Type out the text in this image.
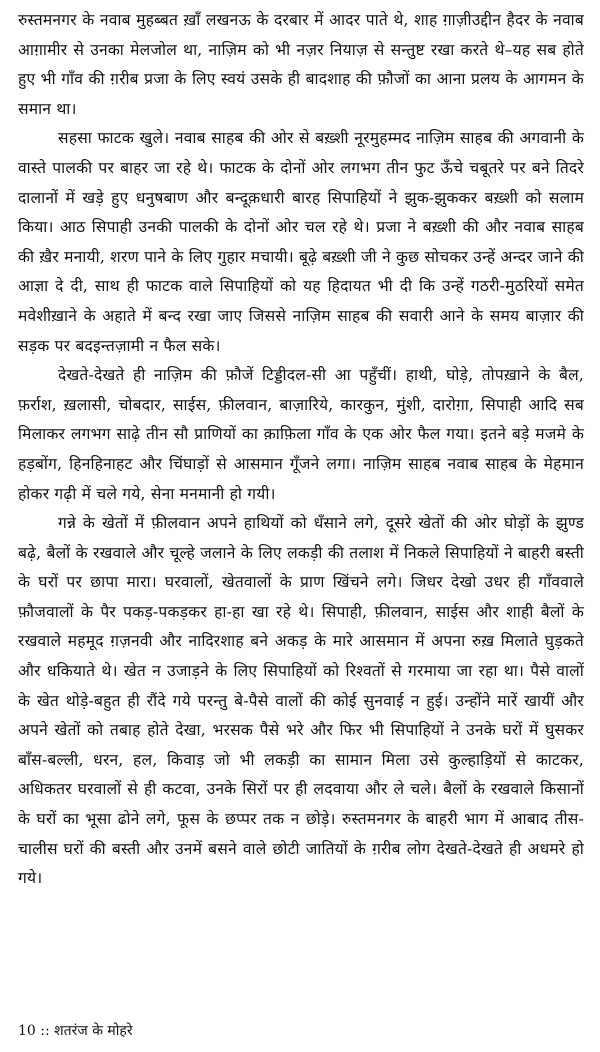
रुस्तमनगर के नवाब मुहब्बत ख़ाँ लखनऊ के दरबार में आदर पाते थे, शाह ग़ाज़ीउद्दीन हैदर के नवाब आग़ामीर से उनका मेलजोल था, नाज़िम को भी नज़र नियाज़ से सन्तुष्ट रखा करते थे–यह सब होते हुए भी गाँव की ग़रीब प्रजा के लिए स्वयं उसके ही बादशाह की फ़ौजों का आना प्रलय के आगमन के समान था।

सहसा फाटक खुले। नवाब साहब की ओर से बख़्शी नूरमुहम्मद नाज़िम साहब की अगवानी के वास्ते पालकी पर बाहर जा रहे थे। फाटक के दोनों ओर लगभग तीन फुट ऊँचे चबूतरे पर बने तिदरे दालानों में खड़े हुए धनुषबाण और बन्दूक़धारी बारह सिपाहियों ने झुक-झुककर बख़्शी को सलाम किया। आठ सिपाही उनकी पालकी के दोनों ओर चल रहे थे। प्रजा ने बख़्शी की और नवाब साहब की ख़ैर मनायी, शरण पाने के लिए गुहार मचायी। बूढ़े बख़्शी जी ने कुछ सोचकर उन्हें अन्दर जाने की आज्ञा दे दी, साथ ही फाटक वाले सिपाहियों को यह हिदायत भी दी कि उन्हें गठरी-मुठरियों समेत मवेशीख़ाने के अहाते में बन्द रखा जाए जिससे नाज़िम साहब की सवारी आने के समय बाज़ार की सड़क पर बदइन्तज़ामी न फैल सके।

देखते-देखते ही नाज़िम की फ़ौजें टिड्डीदल-सी आ पहुँचीं। हाथी, घोड़े, तोपख़ाने के बैल, फ़र्राश, ख़लासी, चोबदार, साईस, फ़ीलवान, बाज़ारिये, कारकुन, मुंशी, दारोग़ा, सिपाही आदि सब मिलाकर लगभग साढ़े तीन सौ प्राणियों का क़ाफ़िला गाँव के एक ओर फैल गया। इतने बड़े मजमे के हड़बोंग, हिनहिनाहट और चिंघाड़ों से आसमान गूँजने लगा। नाज़िम साहब नवाब साहब के मेहमान होकर गढ़ी में चले गये, सेना मनमानी हो गयी।

गन्ने के खेतों में फ़ीलवान अपने हाथियों को धँसाने लगे, दूसरे खेतों की ओर घोड़ों के झुण्ड बढ़े, बैलों के रखवाले और चूल्हे जलाने के लिए लकड़ी की तलाश में निकले सिपाहियों ने बाहरी बस्ती के घरों पर छापा मारा। घरवालों, खेतवालों के प्राण खिंचने लगे। जिधर देखो उधर ही गाँववाले फ़ौजवालों के पैर पकड़-पकड़कर हा-हा खा रहे थे। सिपाही, फ़ीलवान, साईस और शाही बैलों के रखवाले महमूद ग़ज़नवी और नादिरशाह बने अकड़ के मारे आसमान में अपना रुख़ मिलाते घुड़कते और धकियाते थे। खेत न उजाड़ने के लिए सिपाहियों को रिश्वतों से गरमाया जा रहा था। पैसे वालों के खेत थोड़े-बहुत ही रौंदे गये परन्तु बे-पैसे वालों की कोई सुनवाई न हुई। उन्होंने मारें खायीं और अपने खेतों को तबाह होते देखा, भरसक पैसे भरे और फिर भी सिपाहियों ने उनके घरों में घुसकर बाँस-बल्ली, धरन, हल, किवाड़ जो भी लकड़ी का सामान मिला उसे कुल्हाड़ियों से काटकर, अधिकतर घरवालों से ही कटवा, उनके सिरों पर ही लदवाया और ले चले। बैलों के रखवाले किसानों के घरों का भूसा ढोने लगे, फूस के छप्पर तक न छोड़े। रुस्तमनगर के बाहरी भाग में आबाद तीस-चालीस घरों की बस्ती और उनमें बसने वाले छोटी जातियों के ग़रीब लोग देखते-देखते ही अधमरे हो गये।

10 :: शतरंज के मोहरे
